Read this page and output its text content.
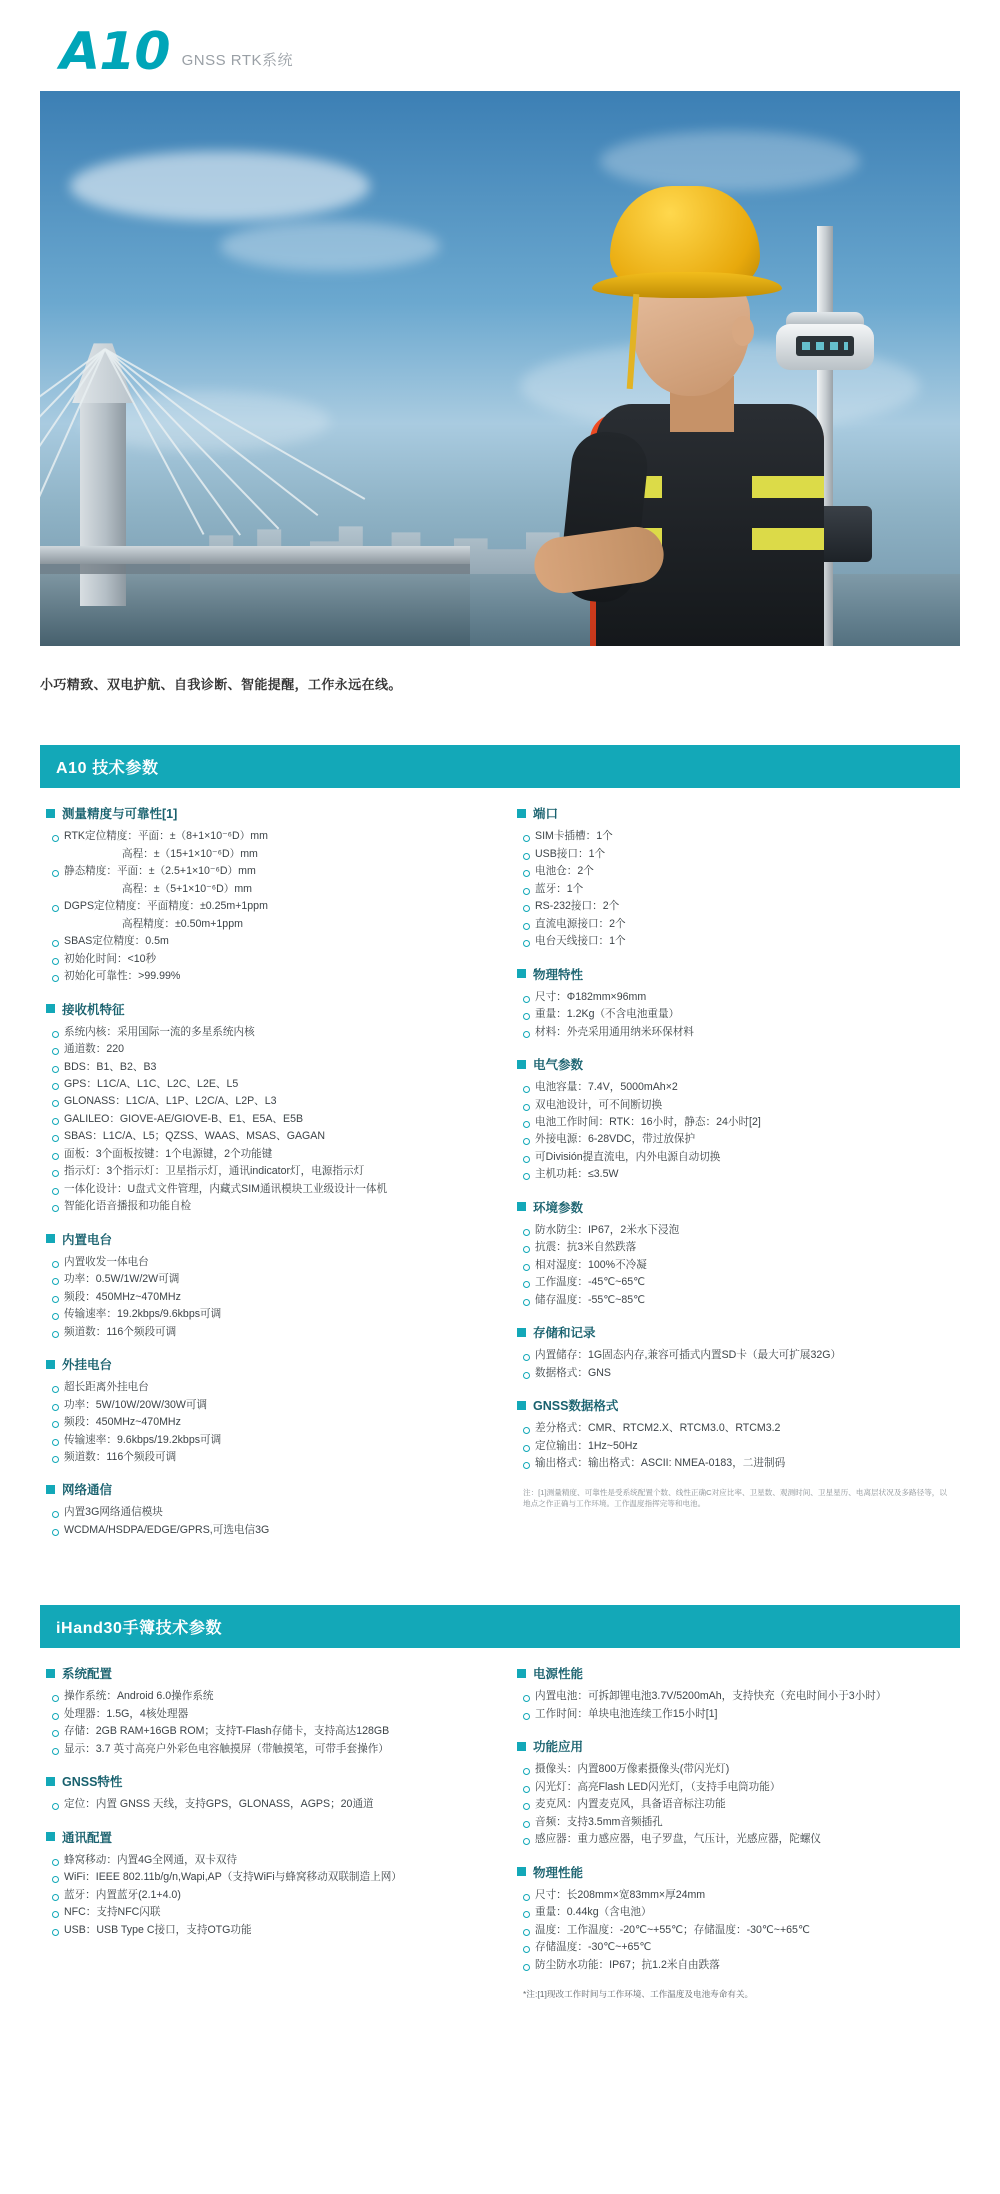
A10 GNSS RTK系统
小巧精致、双电护航、自我诊断、智能提醒，工作永远在线。
A10 技术参数
测量精度与可靠性[1]
RTK定位精度：平面：±（8+1×10⁻⁶D）mm
高程：±（15+1×10⁻⁶D）mm
静态精度：平面：±（2.5+1×10⁻⁶D）mm
高程：±（5+1×10⁻⁶D）mm
DGPS定位精度：平面精度：±0.25m+1ppm
高程精度：±0.50m+1ppm
SBAS定位精度：0.5m
初始化时间：<10秒
初始化可靠性：>99.99%
接收机特征
系统内核：采用国际一流的多星系统内核
通道数：220
BDS：B1、B2、B3
GPS：L1C/A、L1C、L2C、L2E、L5
GLONASS：L1C/A、L1P、L2C/A、L2P、L3
GALILEO：GIOVE-AE/GIOVE-B、E1、E5A、E5B
SBAS：L1C/A、L5；QZSS、WAAS、MSAS、GAGAN
面板：3个面板按键：1个电源键，2个功能键
指示灯：3个指示灯：卫星指示灯，通讯indicator灯，电源指示灯
一体化设计：U盘式文件管理，内藏式SIM通讯模块工业级设计一体机
智能化语音播报和功能自检
内置电台
内置收发一体电台
功率：0.5W/1W/2W可调
频段：450MHz~470MHz
传输速率：19.2kbps/9.6kbps可调
频道数：116个频段可调
外挂电台
超长距离外挂电台
功率：5W/10W/20W/30W可调
频段：450MHz~470MHz
传输速率：9.6kbps/19.2kbps可调
频道数：116个频段可调
网络通信
内置3G网络通信模块
WCDMA/HSDPA/EDGE/GPRS,可选电信3G
端口
SIM卡插槽：1个
USB接口：1个
电池仓：2个
蓝牙：1个
RS-232接口：2个
直流电源接口：2个
电台天线接口：1个
物理特性
尺寸：Φ182mm×96mm
重量：1.2Kg（不含电池重量）
材料：外壳采用通用纳米环保材料
电气参数
电池容量：7.4V，5000mAh×2
双电池设计，可不间断切换
电池工作时间：RTK：16小时，静态：24小时[2]
外接电源：6-28VDC，带过放保护
可División提直流电，内外电源自动切换
主机功耗：≤3.5W
环境参数
防水防尘：IP67，2米水下浸泡
抗震：抗3米自然跌落
相对湿度：100%不冷凝
工作温度：-45℃~65℃
储存温度：-55℃~85℃
存储和记录
内置储存：1G固态内存,兼容可插式内置SD卡（最大可扩展32G）
数据格式：GNS
GNSS数据格式
差分格式：CMR、RTCM2.X、RTCM3.0、RTCM3.2
定位输出：1Hz~50Hz
输出格式：输出格式：ASCII: NMEA-0183，二进制码
注：[1]测量精度、可靠性是受系统配置个数、线性正确C对应比率、卫星数、观测时间、卫星星历、电离层状况及多路径等，以地点之作正确与工作环境。工作温度指挥完等和电池。
iHand30手簿技术参数
系统配置
操作系统：Android 6.0操作系统
处理器：1.5G，4核处理器
存储：2GB RAM+16GB ROM；支持T-Flash存储卡，支持高达128GB
显示：3.7 英寸高亮户外彩色电容触摸屏（带触摸笔，可带手套操作）
GNSS特性
定位：内置 GNSS 天线，支持GPS，GLONASS，AGPS；20通道
通讯配置
蜂窝移动：内置4G全网通，双卡双待
WiFi：IEEE 802.11b/g/n,Wapi,AP（支持WiFi与蜂窝移动双联制造上网）
蓝牙：内置蓝牙(2.1+4.0)
NFC：支持NFC闪联
USB：USB Type C接口，支持OTG功能
电源性能
内置电池：可拆卸锂电池3.7V/5200mAh，支持快充（充电时间小于3小时）
工作时间：单块电池连续工作15小时[1]
功能应用
摄像头：内置800万像素摄像头(带闪光灯)
闪光灯：高亮Flash LED闪光灯，（支持手电筒功能）
麦克风：内置麦克风，具备语音标注功能
音频：支持3.5mm音频插孔
感应器：重力感应器，电子罗盘，气压计，光感应器，陀螺仪
物理性能
尺寸：长208mm×宽83mm×厚24mm
重量：0.44kg（含电池）
温度：工作温度：-20℃~+55℃；存储温度：-30℃~+65℃
存储温度：-30℃~+65℃
防尘防水功能：IP67；抗1.2米自由跌落
*注:[1]现改工作时间与工作环境、工作温度及电池寿命有关。
